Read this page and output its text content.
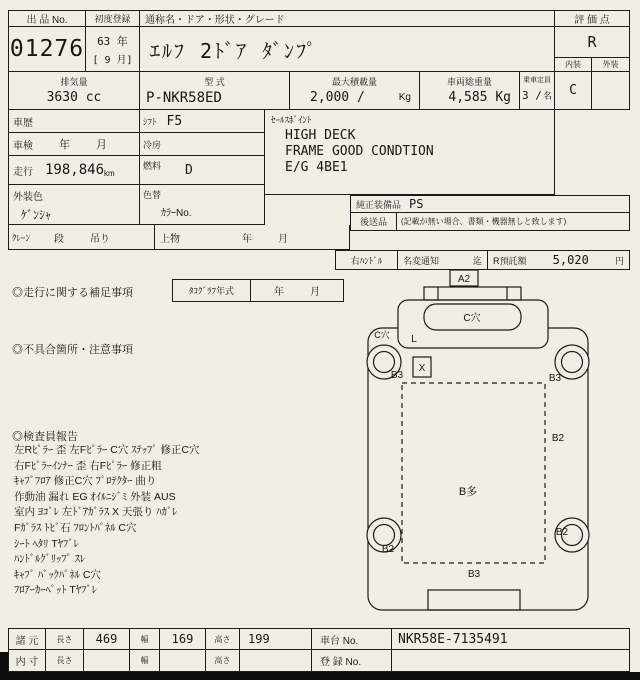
出 品 No.
01276
初度登録
63 年
[ 9 月]
通称名・ドア・形状・グレード
ｴﾙﾌ 2ﾄﾞｱ ﾀﾞﾝﾌﾟ
評 価 点
R
内装	外装
C
排気量
3630 cc
型 式
P-NKR58ED
最大積載量
2,000 /	Kg
車両総重量
4,585 Kg
乗車定員
3 / 名
車歴	ｼﾌﾄ F5
車検 年 月	冷房
走行 198,846 km
燃料 D
外装色
ｹﾞﾝｼｬ
色替
ｶﾗｰNo.
ｸﾚｰﾝ 段	吊り	上物	年	月
ｾｰﾙｽﾎﾟｲﾝﾄ
HIGH DECK
FRAME GOOD CONDTION
E/G 4BE1
純正装備品 PS
後送品	(記載が無い場合、書類・機器無しと致します)
右ﾊﾝﾄﾞﾙ	名変通知	迄 R預託額 5,020	円
◎走行に関する補足事項	ﾀｺｸﾞﾗﾌ年式	年	月
◎不具合箇所・注意事項
◎検査員報告
左Rﾋﾟﾗｰ 歪 左Fﾋﾟﾗｰ C穴 ｽﾃｯﾌﾟ 修正C穴
右Fﾋﾟﾗｰｲﾝﾅｰ 歪 右Fﾋﾟﾗｰ 修正粗
ｷｬﾌﾞﾌﾛｱ 修正C穴 ﾌﾟﾛﾃｸﾀｰ 曲り
作動油 漏れ EG ｵｲﾙﾆｼﾞﾐ 外装 AUS
室内 ﾖｺﾞﾚ 左ﾄﾞｱｶﾞﾗｽ X 天張り ﾊｶﾞﾚ
Fｶﾞﾗｽ ﾄﾋﾞ石 ﾌﾛﾝﾄﾊﾟﾈﾙ C穴
ｼｰﾄ ﾍﾀﾘ Tﾔﾌﾞﾚ
ﾊﾝﾄﾞﾙｸﾞﾘｯﾌﾟ ｽﾚ
ｷｬﾌﾞ ﾊﾞｯｸﾊﾟﾈﾙ C穴
ﾌﾛｱｰｶｰﾍﾟｯﾄ Tﾔﾌﾞﾚ
A2
C穴
L
C穴
B3
X
B3
B2
B多
B2
B2
B3
諸 元	長さ	469	幅	169	高さ	199	車台 No.	NKR58E-7135491
内 寸	長さ	幅	高さ	登 録 No.
